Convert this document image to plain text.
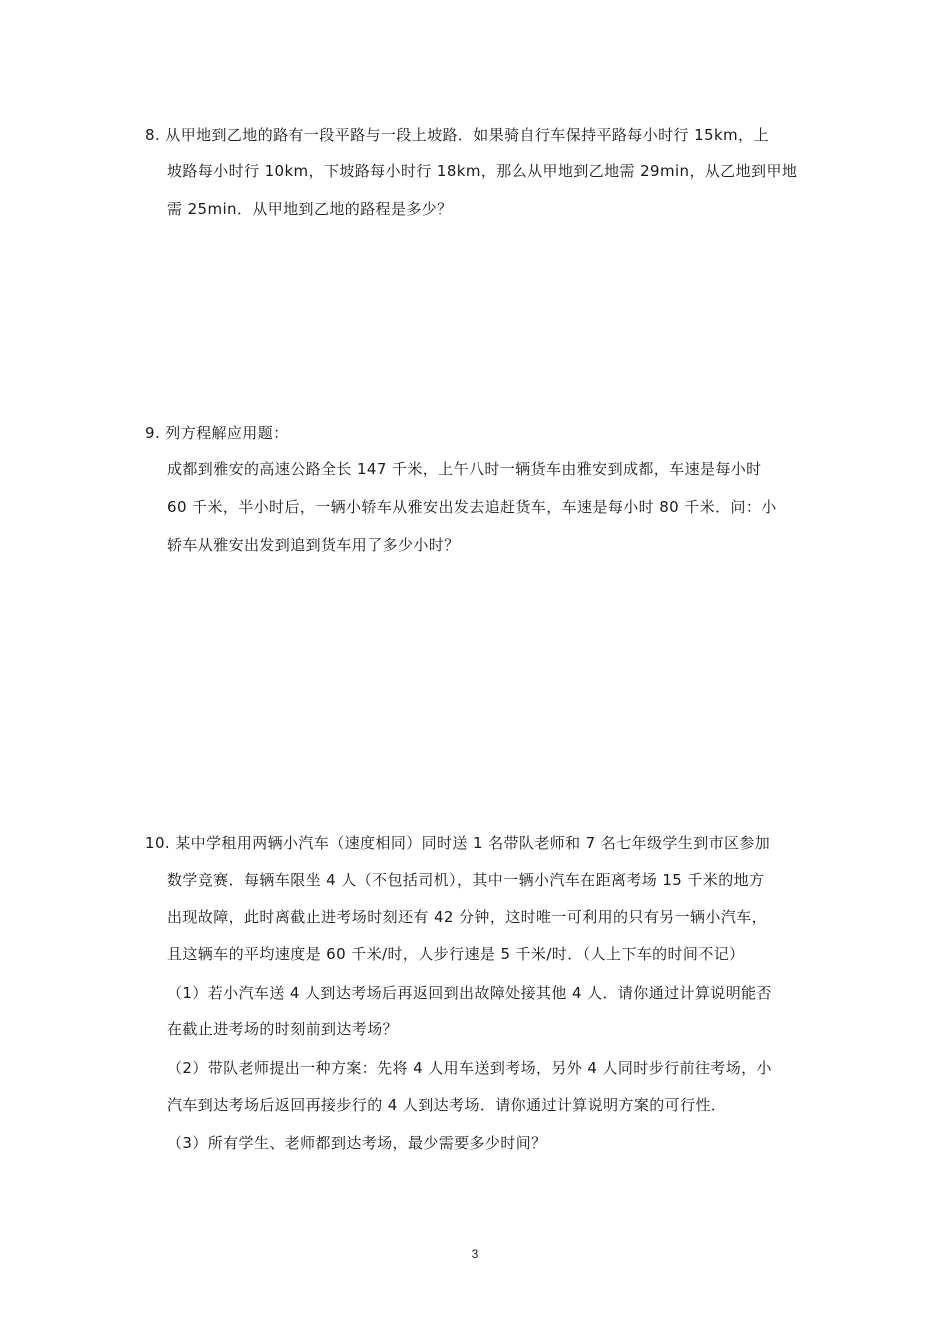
8. 从甲地到乙地的路有一段平路与一段上坡路．如果骑自行车保持平路每小时行 15km，上
坡路每小时行 10km，下坡路每小时行 18km，那么从甲地到乙地需 29min，从乙地到甲地
需 25min．从甲地到乙地的路程是多少？
9. 列方程解应用题：
成都到雅安的高速公路全长 147 千米，上午八时一辆货车由雅安到成都，车速是每小时
60 千米，半小时后，一辆小轿车从雅安出发去追赶货车，车速是每小时 80 千米．问：小
轿车从雅安出发到追到货车用了多少小时？
10. 某中学租用两辆小汽车（速度相同）同时送 1 名带队老师和 7 名七年级学生到市区参加
数学竞赛．每辆车限坐 4 人（不包括司机），其中一辆小汽车在距离考场 15 千米的地方
出现故障，此时离截止进考场时刻还有 42 分钟，这时唯一可利用的只有另一辆小汽车，
且这辆车的平均速度是 60 千米/时，人步行速是 5 千米/时．（人上下车的时间不记）
（1）若小汽车送 4 人到达考场后再返回到出故障处接其他 4 人．请你通过计算说明能否
在截止进考场的时刻前到达考场？
（2）带队老师提出一种方案：先将 4 人用车送到考场，另外 4 人同时步行前往考场，小
汽车到达考场后返回再接步行的 4 人到达考场．请你通过计算说明方案的可行性．
（3）所有学生、老师都到达考场，最少需要多少时间？
3
